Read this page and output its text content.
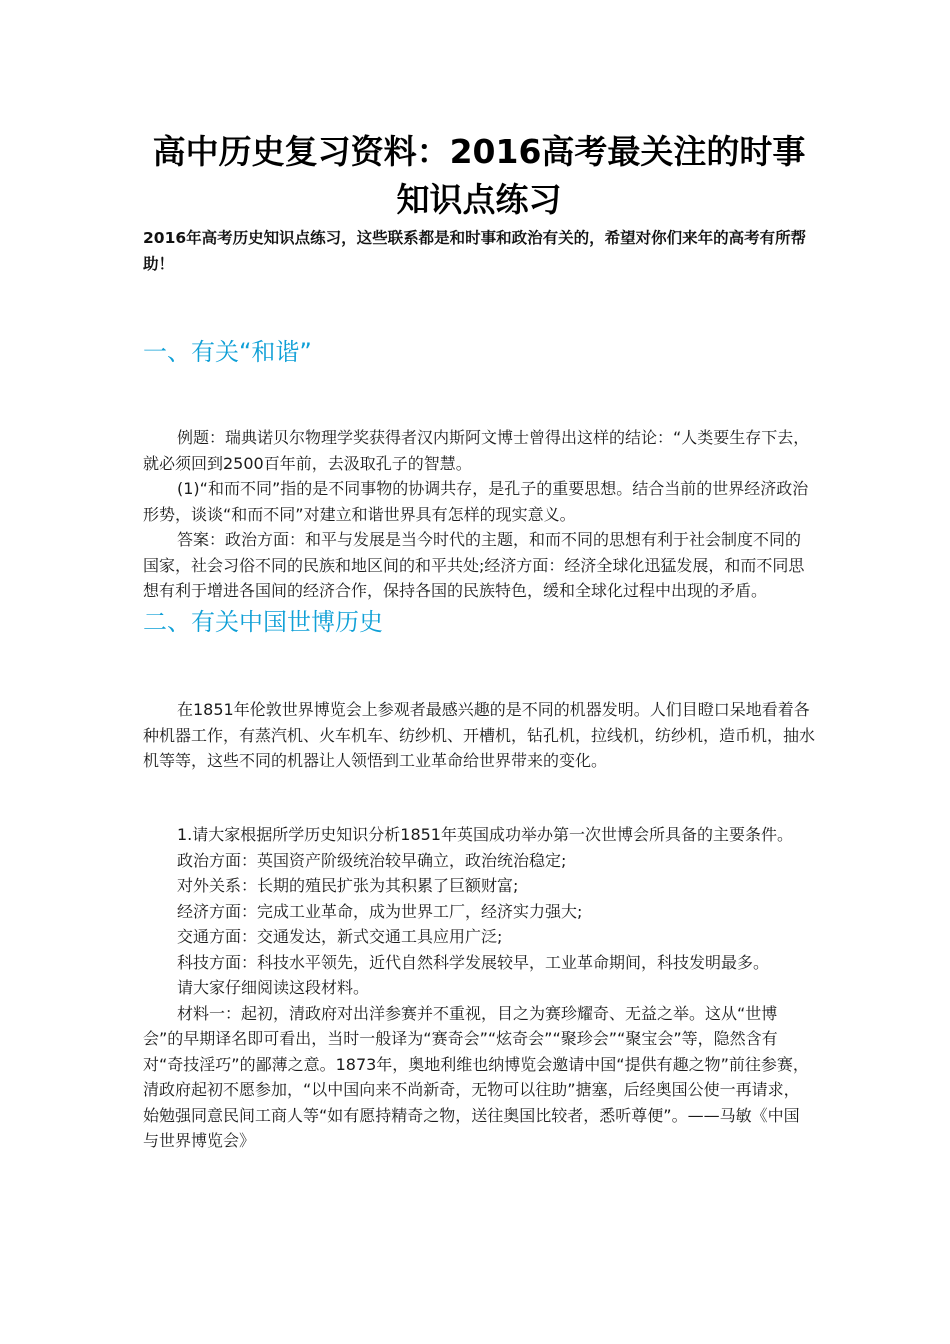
高中历史复习资料：2016高考最关注的时事知识点练习
2016年高考历史知识点练习，这些联系都是和时事和政治有关的，希望对你们来年的高考有所帮助！
一、有关“和谐”

例题：瑞典诺贝尔物理学奖获得者汉内斯阿文博士曾得出这样的结论：“人类要生存下去，就必须回到2500百年前，去汲取孔子的智慧。

(1)“和而不同”指的是不同事物的协调共存，是孔子的重要思想。结合当前的世界经济政治形势，谈谈“和而不同”对建立和谐世界具有怎样的现实意义。

答案：政治方面：和平与发展是当今时代的主题，和而不同的思想有利于社会制度不同的国家，社会习俗不同的民族和地区间的和平共处;经济方面：经济全球化迅猛发展，和而不同思想有利于增进各国间的经济合作，保持各国的民族特色，缓和全球化过程中出现的矛盾。

二、有关中国世博历史

在1851年伦敦世界博览会上参观者最感兴趣的是不同的机器发明。人们目瞪口呆地看着各种机器工作，有蒸汽机、火车机车、纺纱机、开槽机，钻孔机，拉线机，纺纱机，造币机，抽水机等等，这些不同的机器让人领悟到工业革命给世界带来的变化。

1.请大家根据所学历史知识分析1851年英国成功举办第一次世博会所具备的主要条件。

政治方面：英国资产阶级统治较早确立，政治统治稳定;

对外关系：长期的殖民扩张为其积累了巨额财富;

经济方面：完成工业革命，成为世界工厂，经济实力强大;

交通方面：交通发达，新式交通工具应用广泛;

科技方面：科技水平领先，近代自然科学发展较早，工业革命期间，科技发明最多。

请大家仔细阅读这段材料。

材料一：起初，清政府对出洋参赛并不重视，目之为赛珍耀奇、无益之举。这从“世博会”的早期译名即可看出，当时一般译为“赛奇会”“炫奇会”“聚珍会”“聚宝会”等，隐然含有对“奇技淫巧”的鄙薄之意。1873年，奥地利维也纳博览会邀请中国“提供有趣之物”前往参赛，清政府起初不愿参加，“以中国向来不尚新奇，无物可以往助”搪塞，后经奥国公使一再请求，始勉强同意民间工商人等“如有愿持精奇之物，送往奥国比较者，悉听尊便”。——马敏《中国与世界博览会》
